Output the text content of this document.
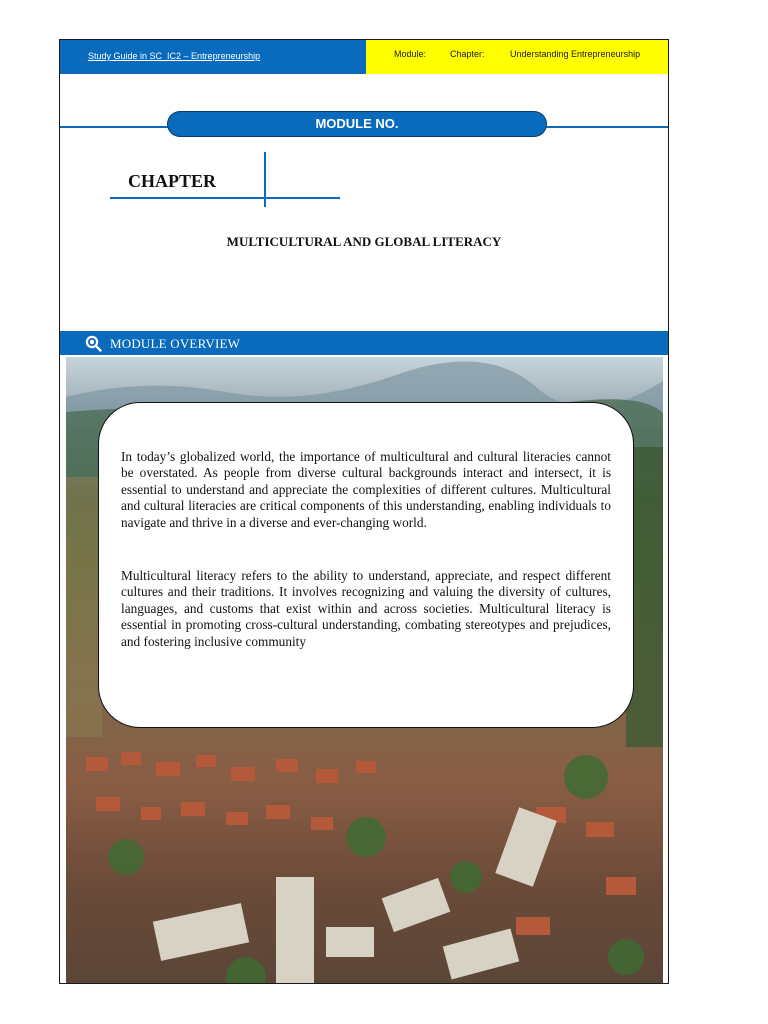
Study Guide in SC_IC2 – Entrepreneurship	Module:	Chapter:	Understanding Entrepreneurship
MODULE NO.
CHAPTER
MULTICULTURAL AND GLOBAL LITERACY
MODULE OVERVIEW

In today’s globalized world, the importance of multicultural and cultural literacies cannot be overstated. As people from diverse cultural backgrounds interact and intersect, it is essential to understand and appreciate the complexities of different cultures. Multicultural and cultural literacies are critical components of this understanding, enabling individuals to navigate and thrive in a diverse and ever-changing world.

Multicultural literacy refers to the ability to understand, appreciate, and respect different cultures and their traditions. It involves recognizing and valuing the diversity of cultures, languages, and customs that exist within and across societies. Multicultural literacy is essential in promoting cross-cultural understanding, combating stereotypes and prejudices, and fostering inclusive community
